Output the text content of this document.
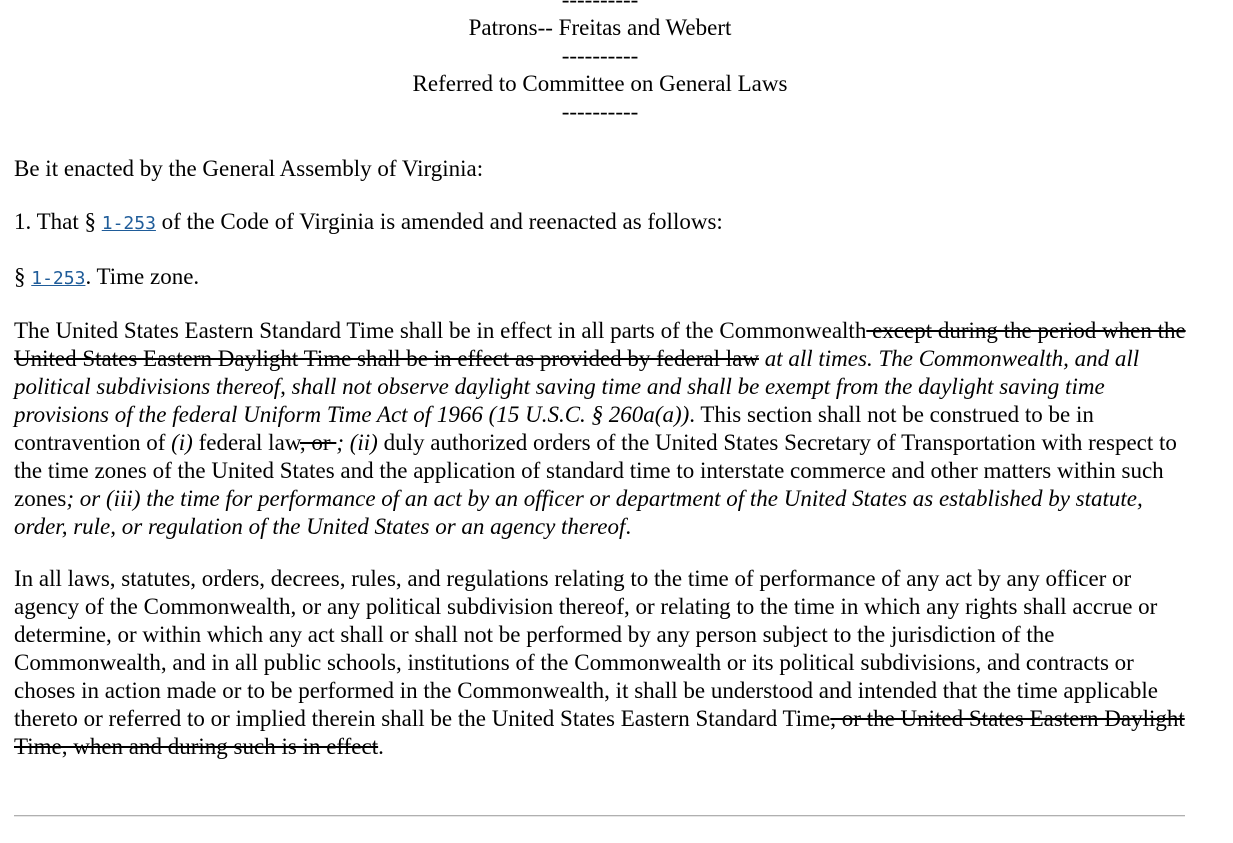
Patrons-- Freitas and Webert

----------

Referred to Committee on General Laws

----------

Be it enacted by the General Assembly of Virginia:

1. That § 1-253 of the Code of Virginia is amended and reenacted as follows:

§ 1-253. Time zone.

The United States Eastern Standard Time shall be in effect in all parts of the Commonwealth except during the period when the United States Eastern Daylight Time shall be in effect as provided by federal law at all times. The Commonwealth, and all political subdivisions thereof, shall not observe daylight saving time and shall be exempt from the daylight saving time provisions of the federal Uniform Time Act of 1966 (15 U.S.C. § 260a(a)). This section shall not be construed to be in contravention of (i) federal law, or ; (ii) duly authorized orders of the United States Secretary of Transportation with respect to the time zones of the United States and the application of standard time to interstate commerce and other matters within such zones; or (iii) the time for performance of an act by an officer or department of the United States as established by statute, order, rule, or regulation of the United States or an agency thereof.

In all laws, statutes, orders, decrees, rules, and regulations relating to the time of performance of any act by any officer or agency of the Commonwealth, or any political subdivision thereof, or relating to the time in which any rights shall accrue or determine, or within which any act shall or shall not be performed by any person subject to the jurisdiction of the Commonwealth, and in all public schools, institutions of the Commonwealth or its political subdivisions, and contracts or choses in action made or to be performed in the Commonwealth, it shall be understood and intended that the time applicable thereto or referred to or implied therein shall be the United States Eastern Standard Time, or the United States Eastern Daylight Time, when and during such is in effect.
